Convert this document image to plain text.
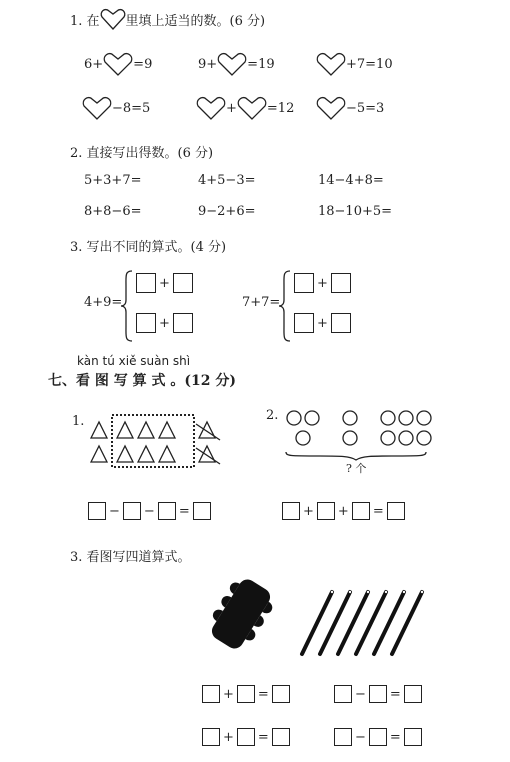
1. 在 里填上适当的数。(6 分)
6+ =9	9+ =19	+7=10
−8=5	+ =12	−5=3
2. 直接写出得数。(6 分)
5+3+7=	4+5−3=	14−4+8=
8+8−6=	9−2+6=	18−10+5=
3. 写出不同的算式。(4 分)
4+9=
+
+
7+7=
+
+
kàn tú xiě suàn shì
七、看 图 写 算 式 。(12 分)
1.
− − =
2.
? 个
+ + =
3. 看图写四道算式。
+ =	− =
+ =	− =
